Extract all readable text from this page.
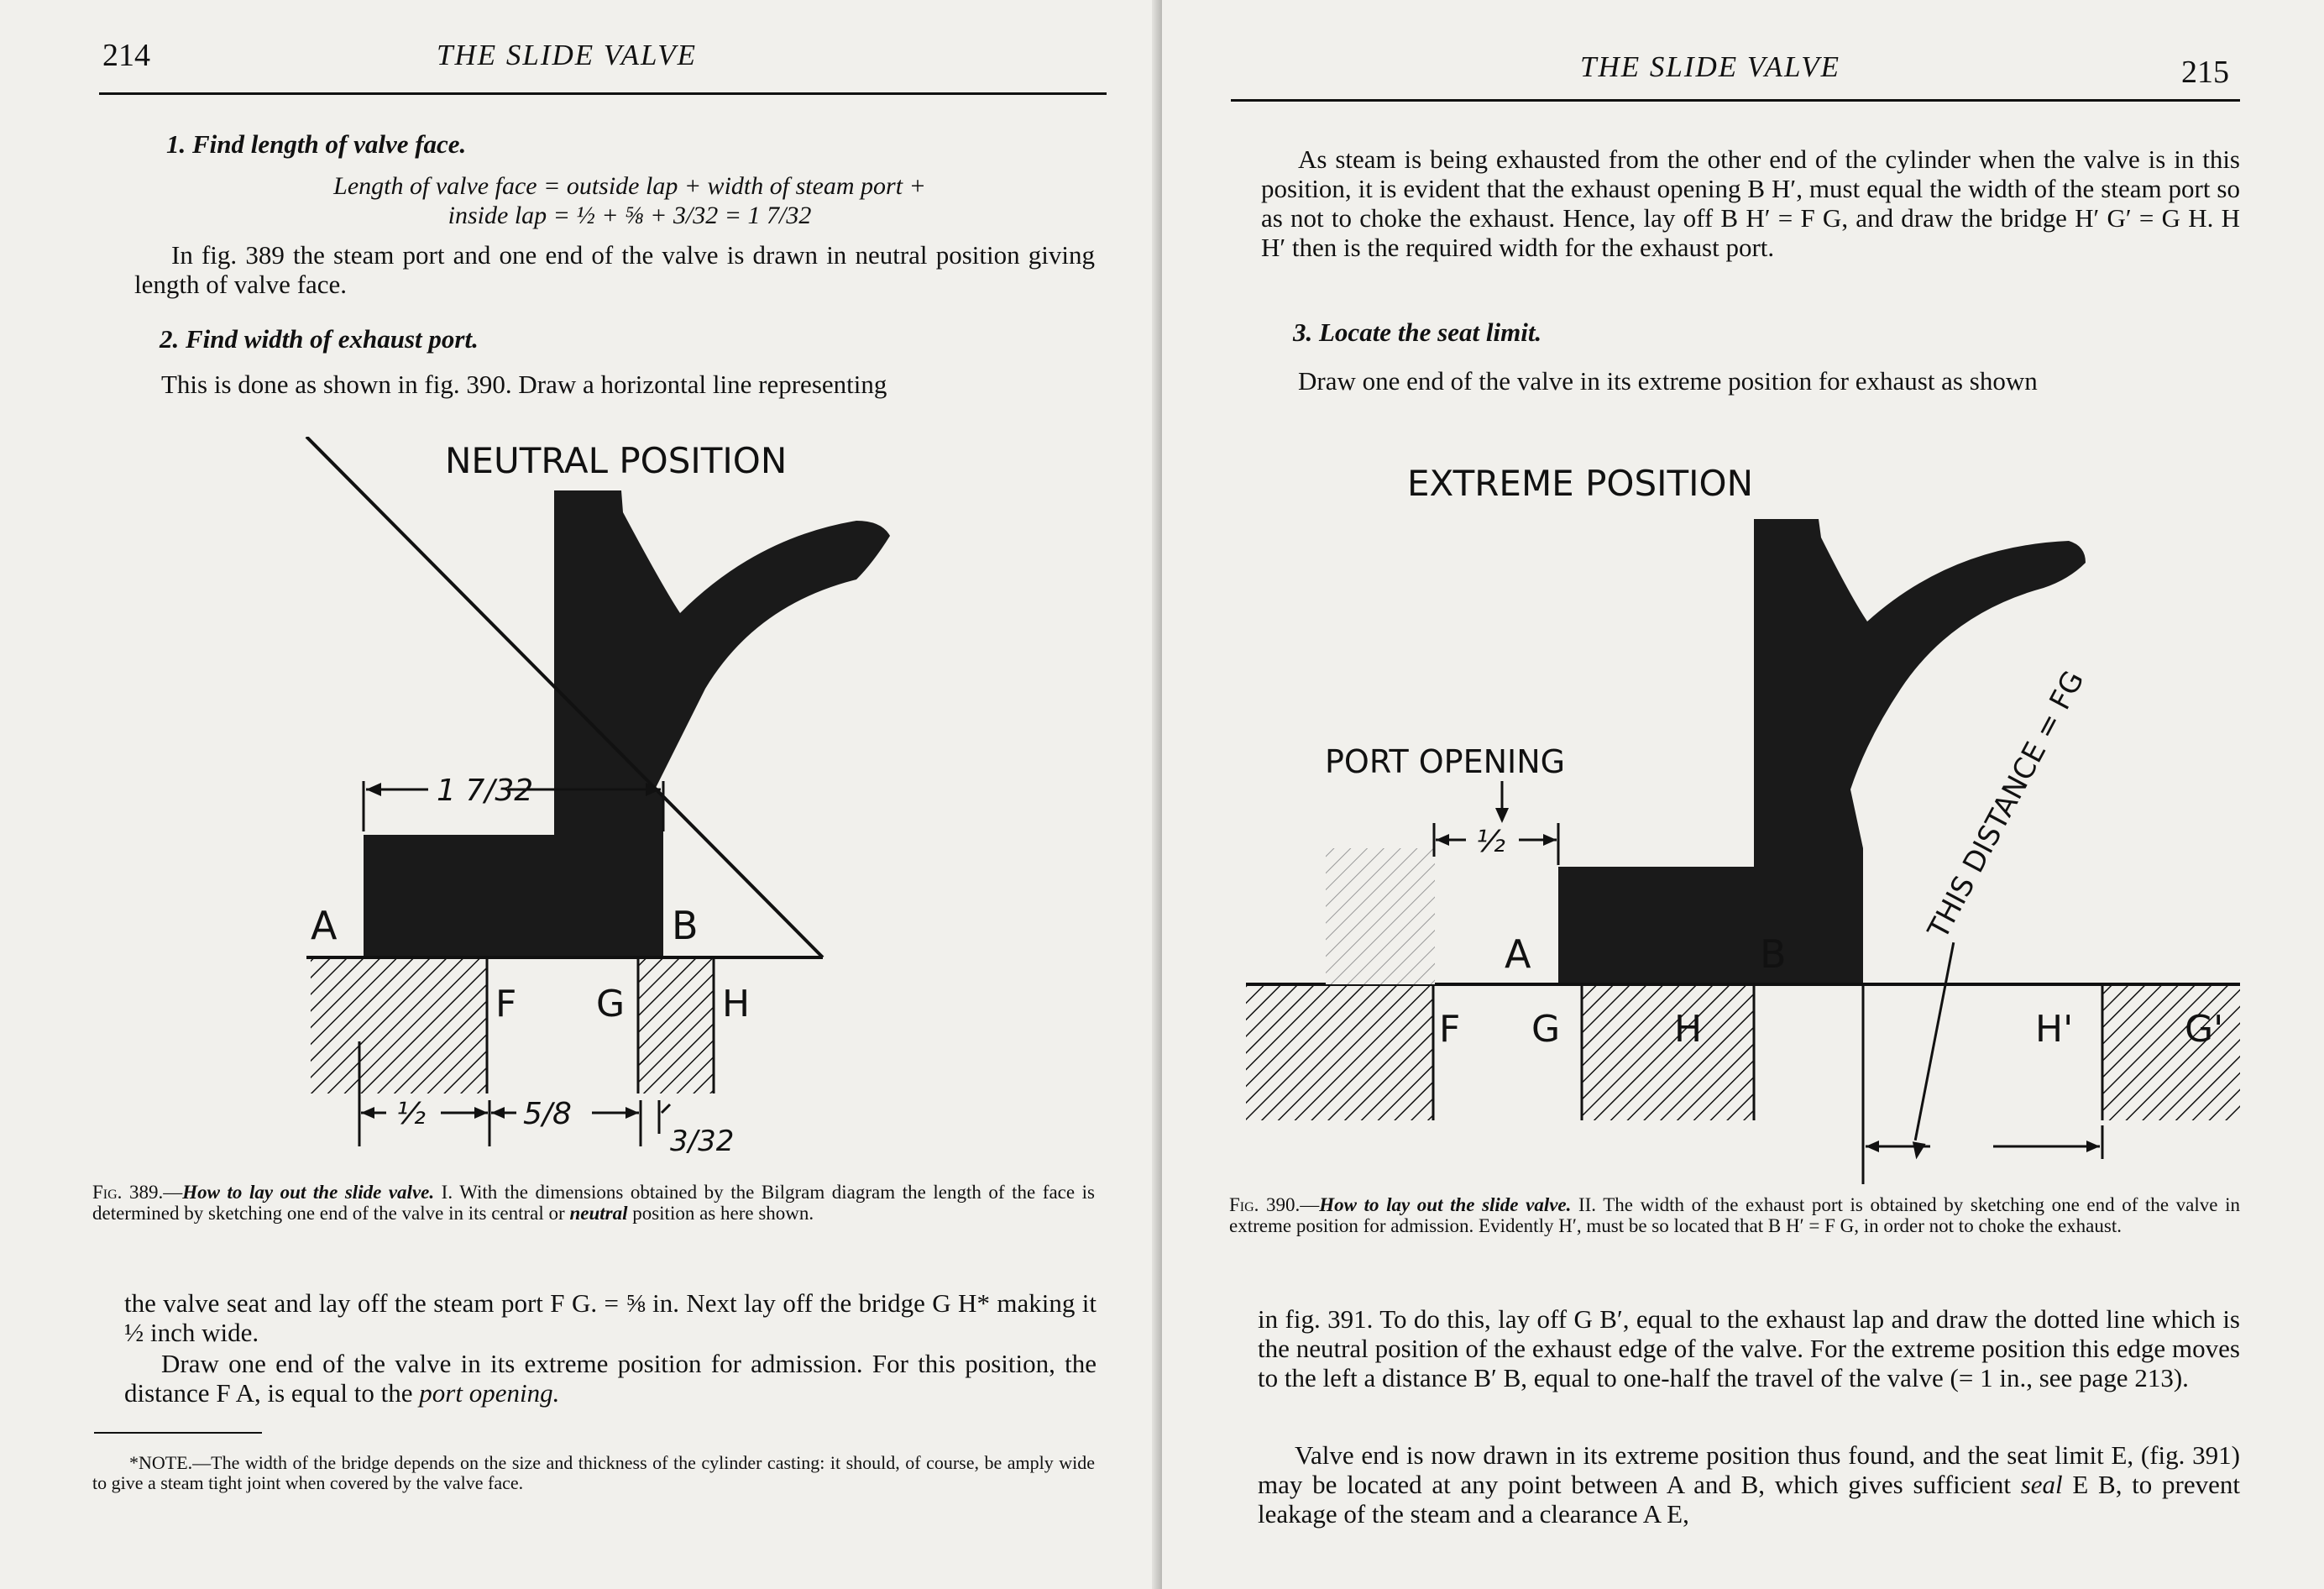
214	THE SLIDE VALVE
1. Find length of valve face.
Length of valve face = outside lap + width of steam port +
inside lap = ½ + ⅝ + 3/32 = 1 7/32

In fig. 389 the steam port and one end of the valve is drawn in neutral position giving length of valve face.

2. Find width of exhaust port.

This is done as shown in fig. 390. Draw a horizontal line representing

NEUTRAL POSITION
1 7/32
A	B
F G	H
½	5/8
3/32
Fig. 389.—How to lay out the slide valve. I. With the dimensions obtained by the Bilgram diagram the length of the face is determined by sketching one end of the valve in its central or neutral position as here shown.

the valve seat and lay off the steam port F G. = ⅝ in. Next lay off the bridge G H* making it ½ inch wide.

Draw one end of the valve in its extreme position for admission. For this position, the distance F A, is equal to the port opening.

*NOTE.—The width of the bridge depends on the size and thickness of the cylinder casting: it should, of course, be amply wide to give a steam tight joint when covered by the valve face.
THE SLIDE VALVE	215

As steam is being exhausted from the other end of the cylinder when the valve is in this position, it is evident that the exhaust opening B H′, must equal the width of the steam port so as not to choke the exhaust. Hence, lay off B H′ = F G, and draw the bridge H′ G′ = G H. H H′ then is the required width for the exhaust port.

3. Locate the seat limit.

Draw one end of the valve in its extreme position for exhaust as shown

EXTREME POSITION
PORT OPENING
½
A	B
F G	H	H'	G'
THIS DISTANCE = FG
Fig. 390.—How to lay out the slide valve. II. The width of the exhaust port is obtained by sketching one end of the valve in extreme position for admission. Evidently H′, must be so located that B H′ = F G, in order not to choke the exhaust.

in fig. 391. To do this, lay off G B′, equal to the exhaust lap and draw the dotted line which is the neutral position of the exhaust edge of the valve. For the extreme position this edge moves to the left a distance B′ B, equal to one-half the travel of the valve (= 1 in., see page 213).

Valve end is now drawn in its extreme position thus found, and the seat limit E, (fig. 391) may be located at any point between A and B, which gives sufficient seal E B, to prevent leakage of the steam and a clearance A E,
